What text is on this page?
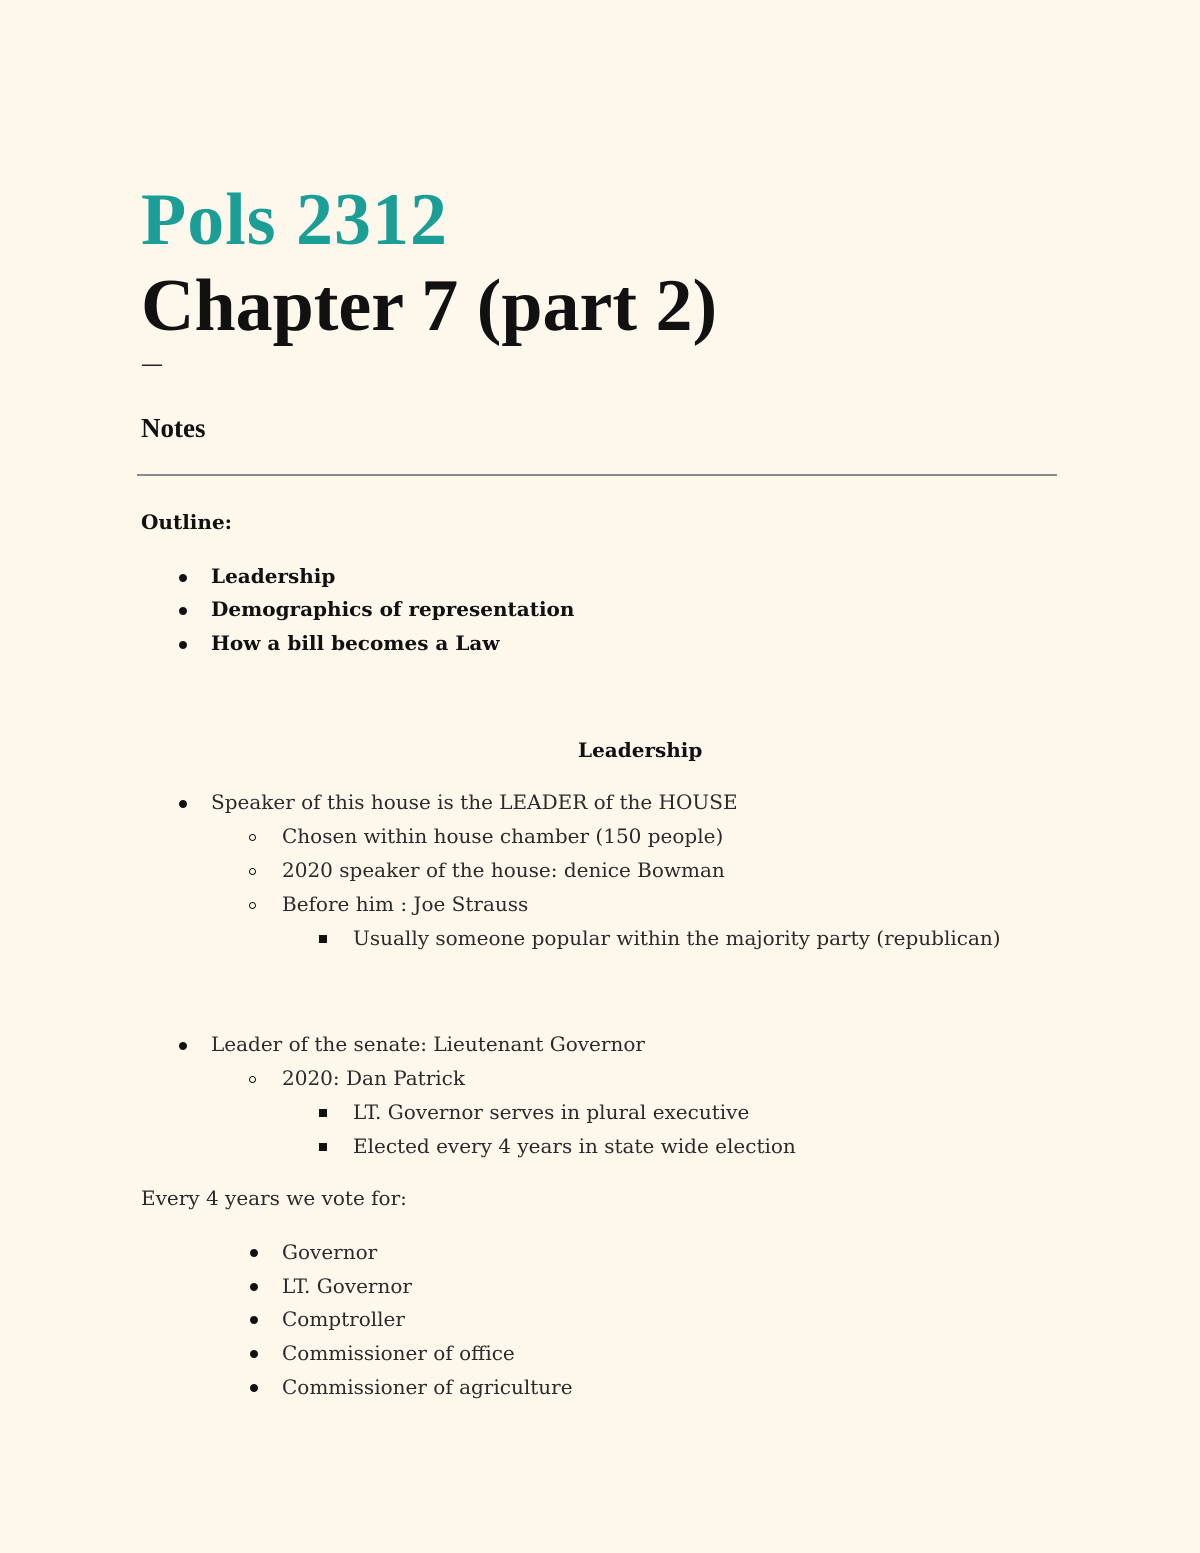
Pols 2312
Chapter 7 (part 2)
—
Notes
Outline:
Leadership
Demographics of representation
How a bill becomes a Law
Leadership
Speaker of this house is the LEADER of the HOUSE
Chosen within house chamber (150 people)
2020 speaker of the house: denice Bowman
Before him : Joe Strauss
Usually someone popular within the majority party (republican)
Leader of the senate: Lieutenant Governor
2020: Dan Patrick
LT. Governor serves in plural executive
Elected every 4 years in state wide election
Every 4 years we vote for:
Governor
LT. Governor
Comptroller
Commissioner of office
Commissioner of agriculture
